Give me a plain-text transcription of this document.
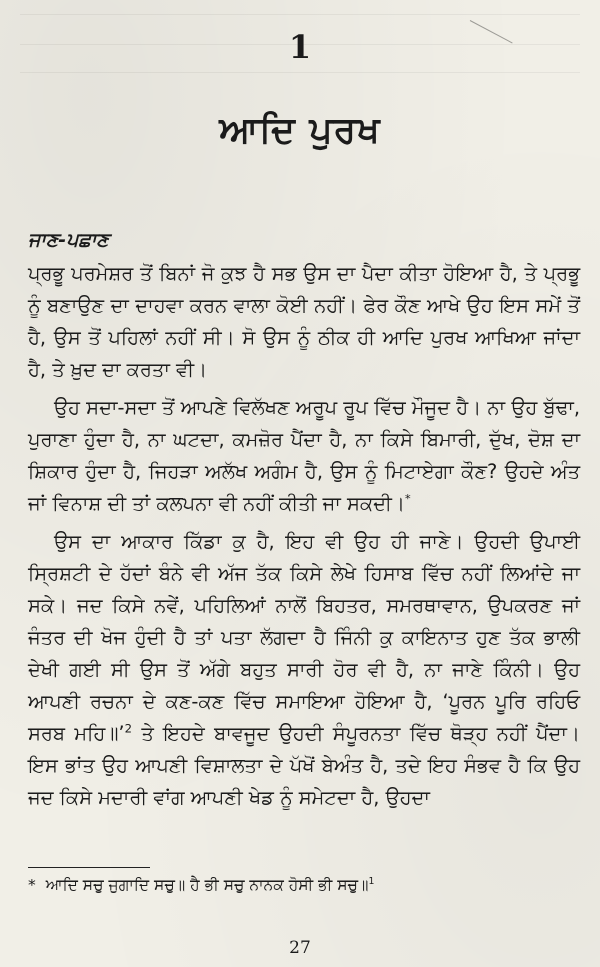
1
ਆਦਿ ਪੁਰਖ
ਜਾਣ-ਪਛਾਣ

ਪ੍ਰਭੂ ਪਰਮੇਸ਼ਰ ਤੋਂ ਬਿਨਾਂ ਜੋ ਕੁਝ ਹੈ ਸਭ ਉਸ ਦਾ ਪੈਦਾ ਕੀਤਾ ਹੋਇਆ ਹੈ, ਤੇ ਪ੍ਰਭੂ ਨੂੰ ਬਣਾਉਣ ਦਾ ਦਾਹਵਾ ਕਰਨ ਵਾਲਾ ਕੋਈ ਨਹੀਂ। ਫੇਰ ਕੌਣ ਆਖੇ ਉਹ ਇਸ ਸਮੇਂ ਤੋਂ ਹੈ, ਉਸ ਤੋਂ ਪਹਿਲਾਂ ਨਹੀਂ ਸੀ। ਸੋ ਉਸ ਨੂੰ ਠੀਕ ਹੀ ਆਦਿ ਪੁਰਖ ਆਖਿਆ ਜਾਂਦਾ ਹੈ, ਤੇ ਖ਼ੁਦ ਦਾ ਕਰਤਾ ਵੀ।

ਉਹ ਸਦਾ-ਸਦਾ ਤੋਂ ਆਪਣੇ ਵਿਲੱਖਣ ਅਰੂਪ ਰੂਪ ਵਿੱਚ ਮੌਜੂਦ ਹੈ। ਨਾ ਉਹ ਬੁੱਢਾ, ਪੁਰਾਣਾ ਹੁੰਦਾ ਹੈ, ਨਾ ਘਟਦਾ, ਕਮਜ਼ੋਰ ਪੈਂਦਾ ਹੈ, ਨਾ ਕਿਸੇ ਬਿਮਾਰੀ, ਦੁੱਖ, ਦੋਸ਼ ਦਾ ਸ਼ਿਕਾਰ ਹੁੰਦਾ ਹੈ, ਜਿਹੜਾ ਅਲੱਖ ਅਗੰਮ ਹੈ, ਉਸ ਨੂੰ ਮਿਟਾਏਗਾ ਕੌਣ? ਉਹਦੇ ਅੰਤ ਜਾਂ ਵਿਨਾਸ਼ ਦੀ ਤਾਂ ਕਲਪਨਾ ਵੀ ਨਹੀਂ ਕੀਤੀ ਜਾ ਸਕਦੀ।*

ਉਸ ਦਾ ਆਕਾਰ ਕਿੱਡਾ ਕੁ ਹੈ, ਇਹ ਵੀ ਉਹ ਹੀ ਜਾਣੇ। ਉਹਦੀ ਉਪਾਈ ਸ੍ਰਿਸ਼ਟੀ ਦੇ ਹੱਦਾਂ ਬੰਨੇ ਵੀ ਅੱਜ ਤੱਕ ਕਿਸੇ ਲੇਖੇ ਹਿਸਾਬ ਵਿੱਚ ਨਹੀਂ ਲਿਆਂਦੇ ਜਾ ਸਕੇ। ਜਦ ਕਿਸੇ ਨਵੇਂ, ਪਹਿਲਿਆਂ ਨਾਲੋਂ ਬਿਹਤਰ, ਸਮਰਥਾਵਾਨ, ਉਪਕਰਣ ਜਾਂ ਜੰਤਰ ਦੀ ਖੋਜ ਹੁੰਦੀ ਹੈ ਤਾਂ ਪਤਾ ਲੱਗਦਾ ਹੈ ਜਿੰਨੀ ਕੁ ਕਾਇਨਾਤ ਹੁਣ ਤੱਕ ਭਾਲੀ ਦੇਖੀ ਗਈ ਸੀ ਉਸ ਤੋਂ ਅੱਗੇ ਬਹੁਤ ਸਾਰੀ ਹੋਰ ਵੀ ਹੈ, ਨਾ ਜਾਣੇ ਕਿੰਨੀ। ਉਹ ਆਪਣੀ ਰਚਨਾ ਦੇ ਕਣ-ਕਣ ਵਿੱਚ ਸਮਾਇਆ ਹੋਇਆ ਹੈ, ‘ਪੂਰਨ ਪੂਰਿ ਰਹਿਓ ਸਰਬ ਮਹਿ॥’$^2$ ਤੇ ਇਹਦੇ ਬਾਵਜੂਦ ਉਹਦੀ ਸੰਪੂਰਨਤਾ ਵਿੱਚ ਥੋੜ੍ਹ ਨਹੀਂ ਪੈਂਦਾ। ਇਸ ਭਾਂਤ ਉਹ ਆਪਣੀ ਵਿਸ਼ਾਲਤਾ ਦੇ ਪੱਖੋਂ ਬੇਅੰਤ ਹੈ, ਤਦੇ ਇਹ ਸੰਭਵ ਹੈ ਕਿ ਉਹ ਜਦ ਕਿਸੇ ਮਦਾਰੀ ਵਾਂਗ ਆਪਣੀ ਖੇਡ ਨੂੰ ਸਮੇਟਦਾ ਹੈ, ਉਹਦਾ

* ਆਦਿ ਸਚੁ ਜੁਗਾਦਿ ਸਚੁ॥ ਹੈ ਭੀ ਸਚੁ ਨਾਨਕ ਹੋਸੀ ਭੀ ਸਚੁ॥$^1$
27
